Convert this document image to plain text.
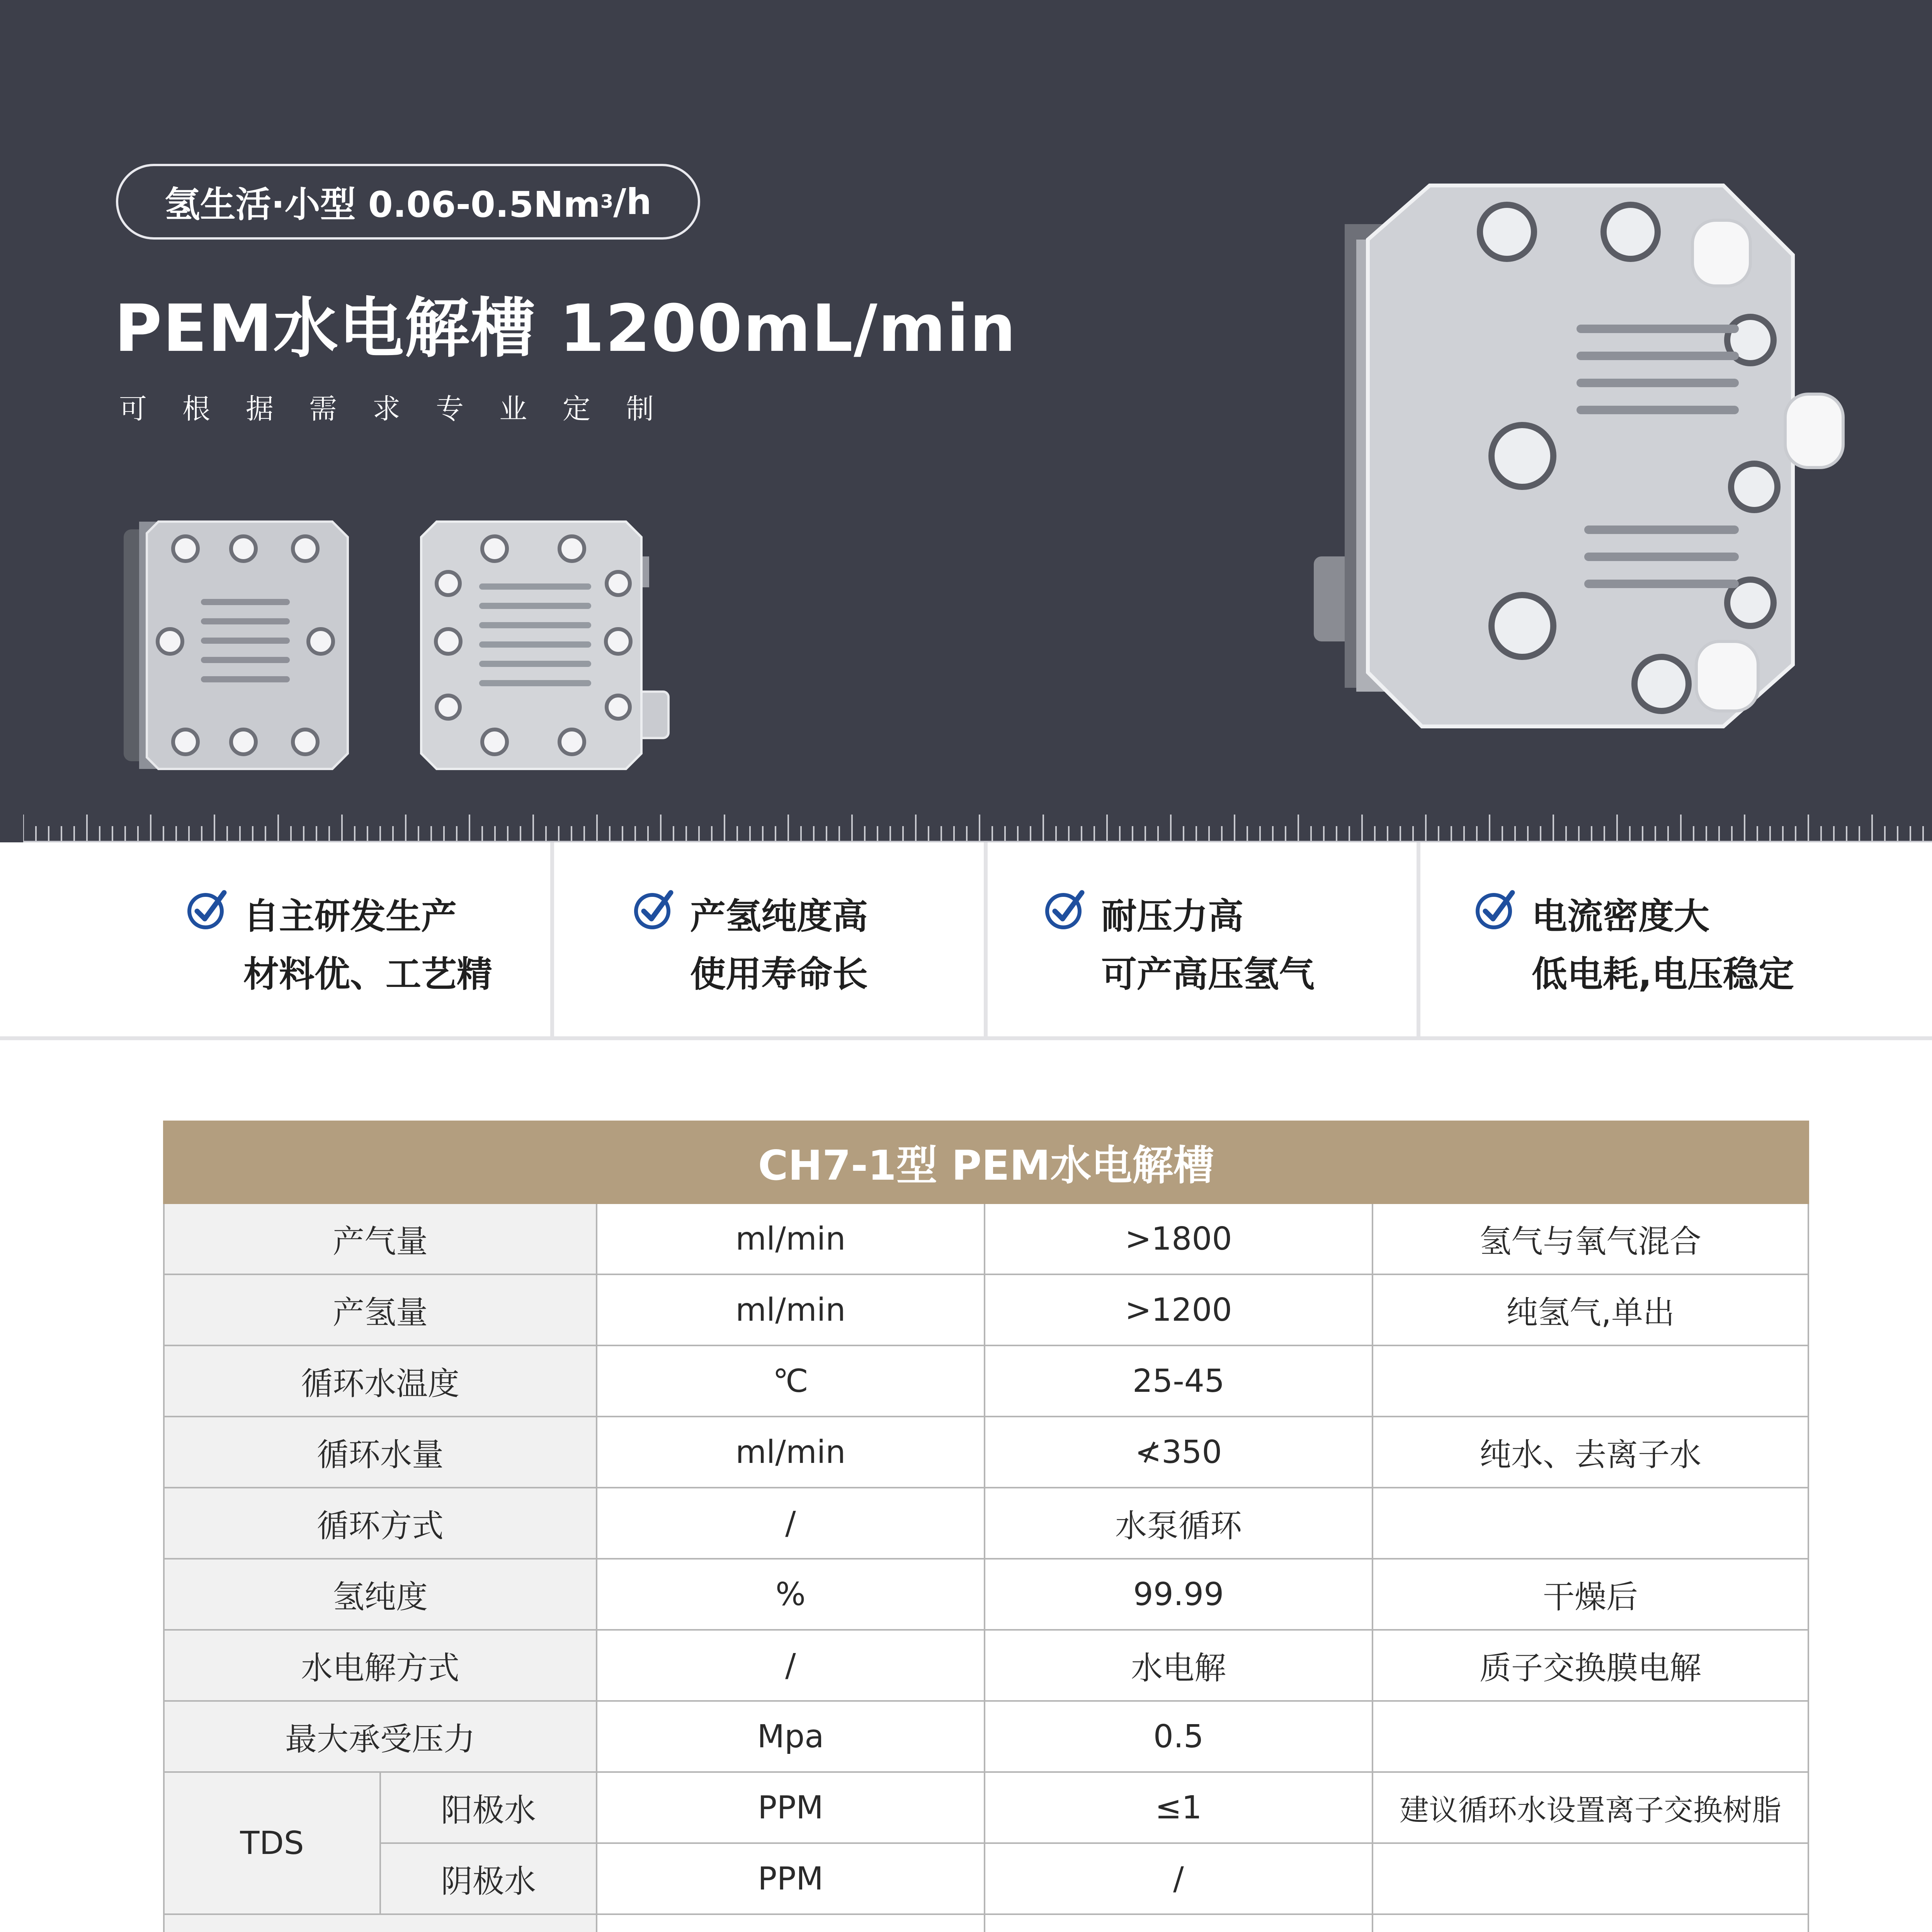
氢生活·小型 0.06-0.5Nm 3 /h
PEM水电解槽 1200mL/min
可根据需求专业定制
自主研发生产
材料优、工艺精
产氢纯度高
使用寿命长
耐压力高
可产高压氢气
电流密度大
低电耗,电压稳定
CH7-1型 PEM水电解槽				
产气量		ml/min	>1800	氢气与氧气混合
产氢量		ml/min	>1200	纯氢气,单出
循环水温度		℃	25-45	
循环水量		ml/min	≮350	纯水、去离子水
循环方式		/	水泵循环	
氢纯度		%	99.99	干燥后
水电解方式		/	水电解	质子交换膜电解
最大承受压力		Mpa	0.5	
TDS	阳极水	PPM	≤1	建议循环水设置离子交换树脂
	阴极水	PPM	/	
